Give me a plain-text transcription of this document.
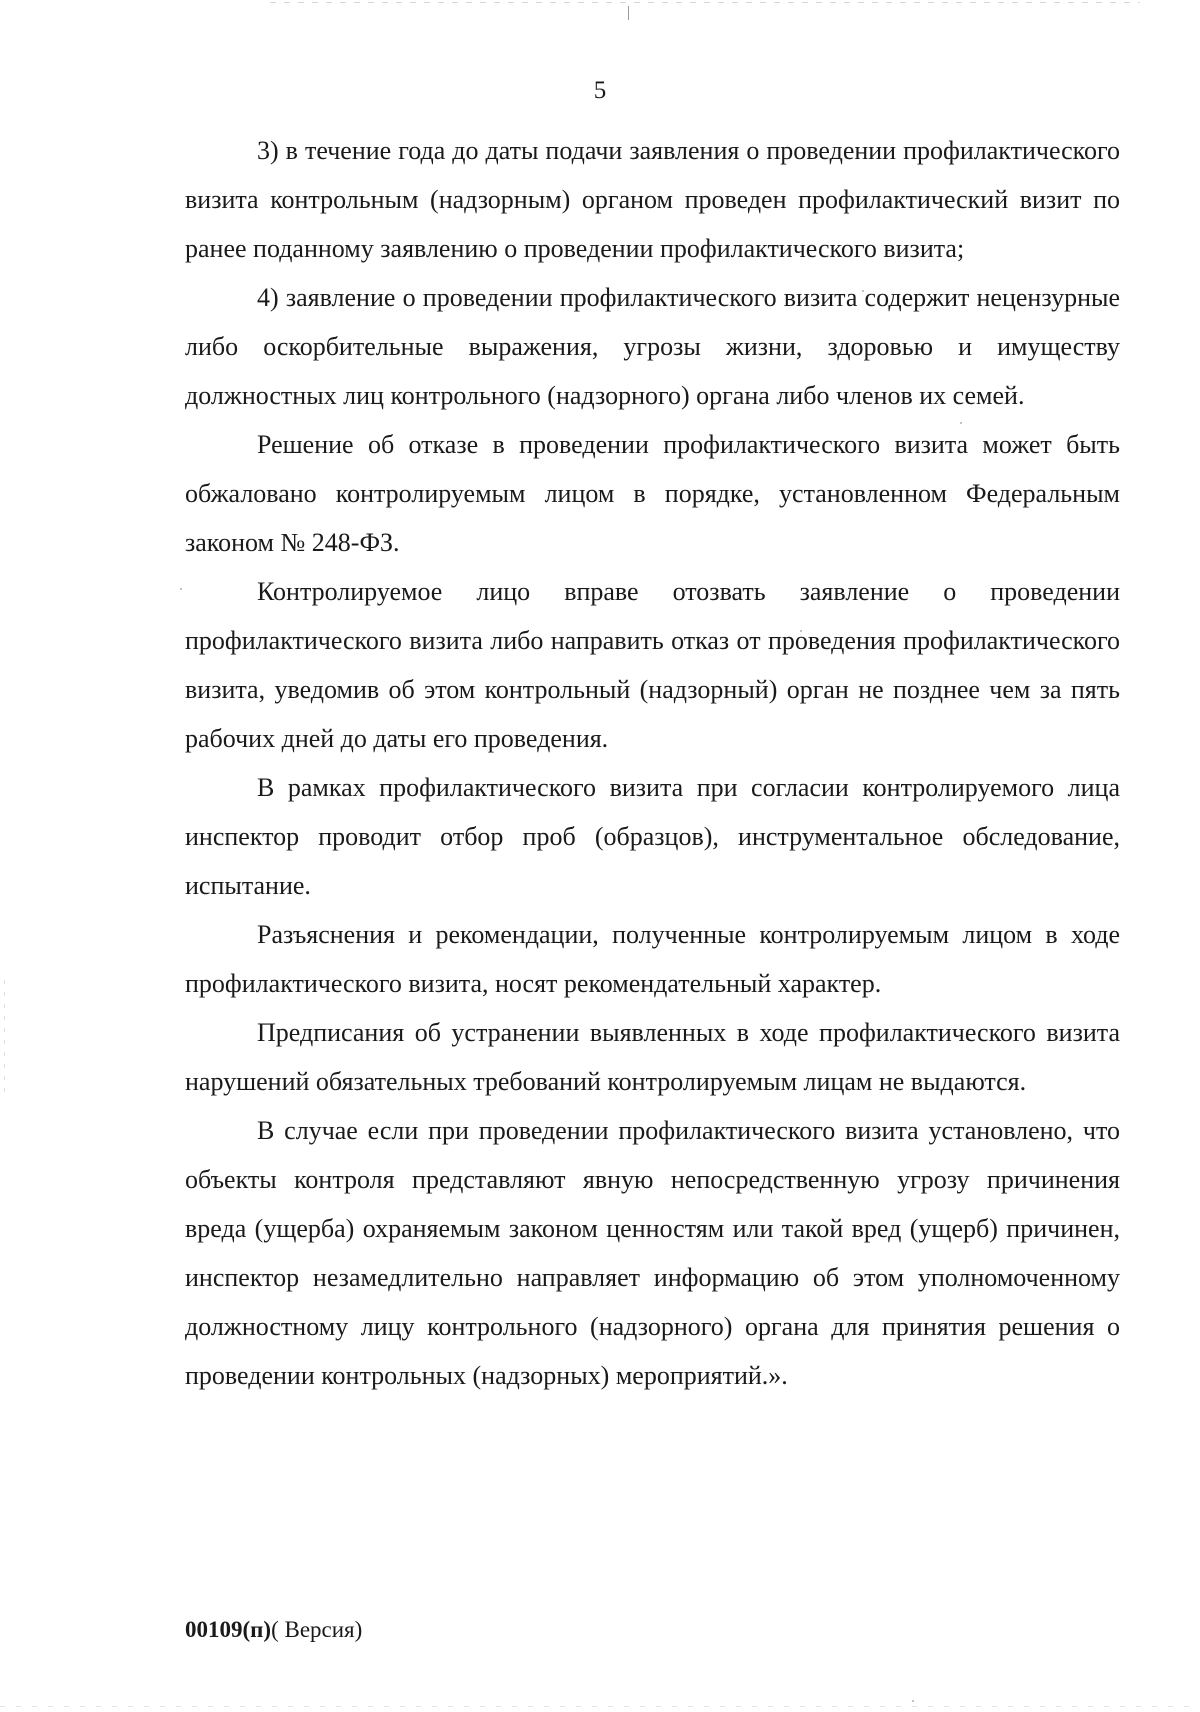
5

3) в течение года до даты подачи заявления о проведении профилактического визита контрольным (надзорным) органом проведен профилактический визит по ранее поданному заявлению о проведении профилактического визита;

4) заявление о проведении профилактического визита содержит нецензурные либо оскорбительные выражения, угрозы жизни, здоровью и имуществу должностных лиц контрольного (надзорного) органа либо членов их семей.

Решение об отказе в проведении профилактического визита может быть обжаловано контролируемым лицом в порядке, установленном Федеральным законом № 248-ФЗ.

Контролируемое лицо вправе отозвать заявление о проведении профилактического визита либо направить отказ от проведения профилактического визита, уведомив об этом контрольный (надзорный) орган не позднее чем за пять рабочих дней до даты его проведения.

В рамках профилактического визита при согласии контролируемого лица инспектор проводит отбор проб (образцов), инструментальное обследование, испытание.

Разъяснения и рекомендации, полученные контролируемым лицом в ходе профилактического визита, носят рекомендательный характер.

Предписания об устранении выявленных в ходе профилактического визита нарушений обязательных требований контролируемым лицам не выдаются.

В случае если при проведении профилактического визита установлено, что объекты контроля представляют явную непосредственную угрозу причинения вреда (ущерба) охраняемым законом ценностям или такой вред (ущерб) причинен, инспектор незамедлительно направляет информацию об этом уполномоченному должностному лицу контрольного (надзорного) органа для принятия решения о проведении контрольных (надзорных) мероприятий.».

00109(п)( Версия)
